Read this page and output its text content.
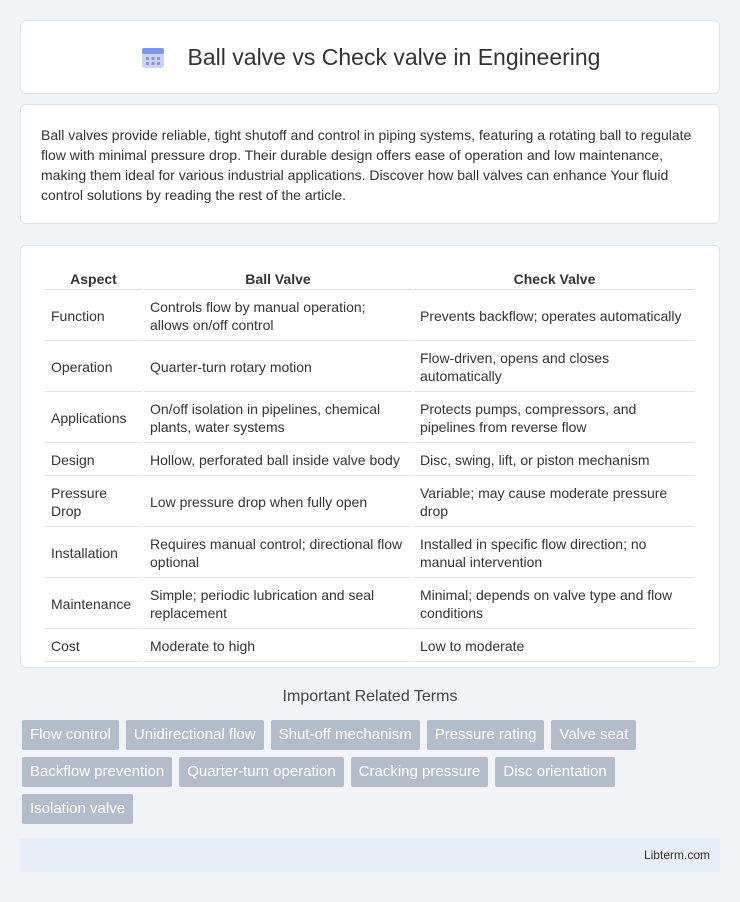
Ball valve vs Check valve in Engineering

Ball valves provide reliable, tight shutoff and control in piping systems, featuring a rotating ball to regulate flow with minimal pressure drop. Their durable design offers ease of operation and low maintenance, making them ideal for various industrial applications. Discover how ball valves can enhance Your fluid control solutions by reading the rest of the article.

Aspect	Ball Valve	Check Valve
Function	Controls flow by manual operation; allows on/off control	Prevents backflow; operates automatically
Operation	Quarter-turn rotary motion	Flow-driven, opens and closes automatically
Applications	On/off isolation in pipelines, chemical plants, water systems	Protects pumps, compressors, and pipelines from reverse flow
Design	Hollow, perforated ball inside valve body	Disc, swing, lift, or piston mechanism
Pressure Drop	Low pressure drop when fully open	Variable; may cause moderate pressure drop
Installation	Requires manual control; directional flow optional	Installed in specific flow direction; no manual intervention
Maintenance	Simple; periodic lubrication and seal replacement	Minimal; depends on valve type and flow conditions
Cost	Moderate to high	Low to moderate
Important Related Terms
Flow control	Unidirectional flow	Shut-off mechanism	Pressure rating	Valve seat
Backflow prevention	Quarter-turn operation	Cracking pressure	Disc orientation
Isolation valve
Libterm.com
